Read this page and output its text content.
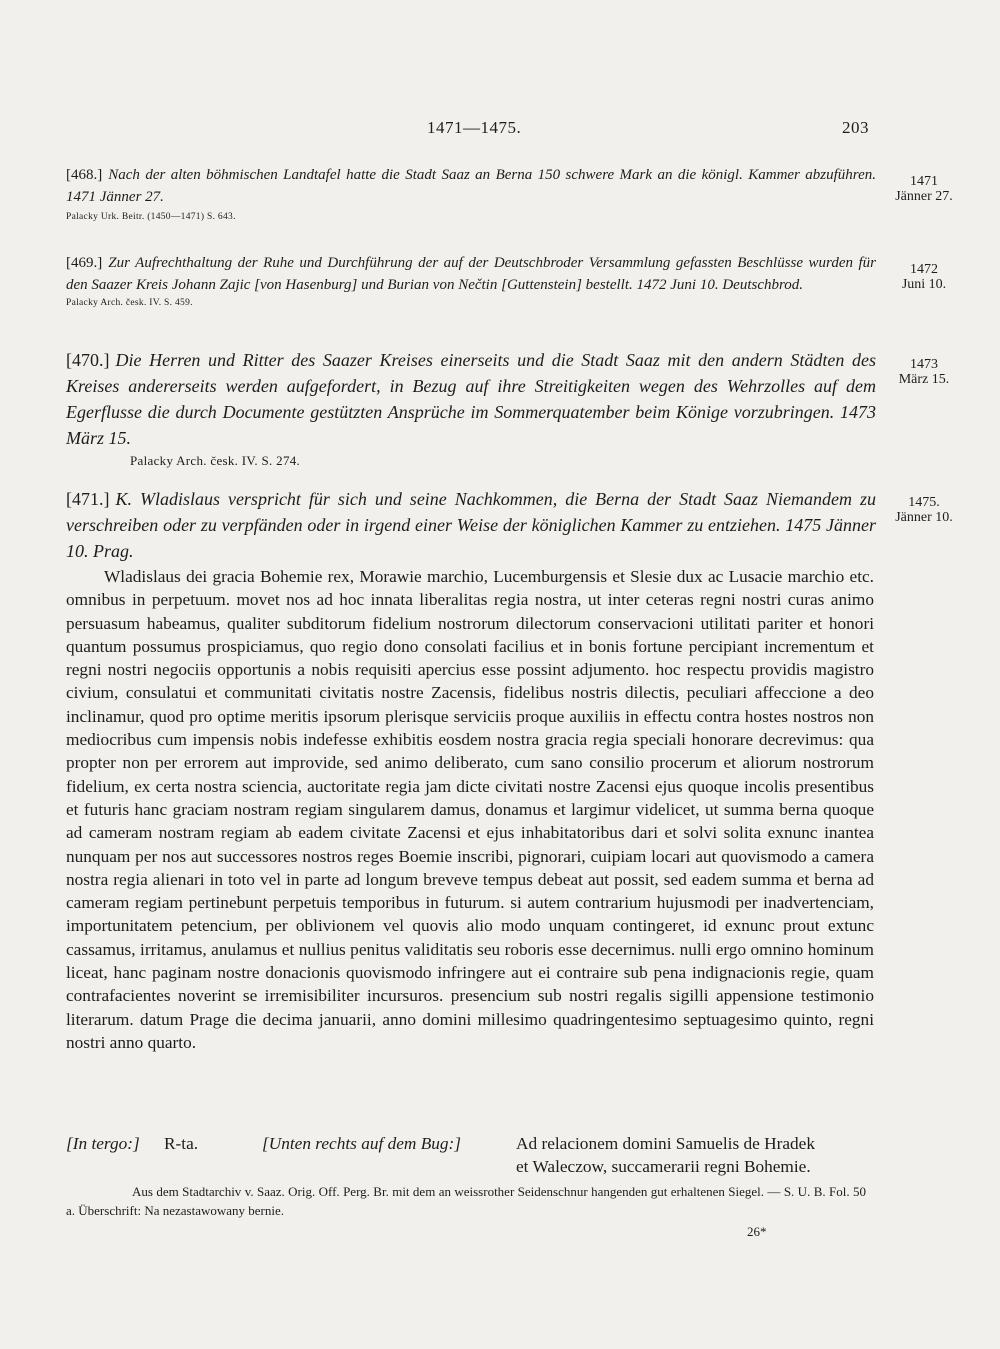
1471—1475.	203

[468.] Nach der alten böhmischen Landtafel hatte die Stadt Saaz an Berna 150 schwere Mark an die königl. Kammer abzuführen. 1471 Jänner 27.

Palacky Urk. Beitr. (1450—1471) S. 643.

1471
Jänner 27.

[469.] Zur Aufrechthaltung der Ruhe und Durchführung der auf der Deutschbroder Versammlung gefassten Beschlüsse wurden für den Saazer Kreis Johann Zajic [von Hasenburg] und Burian von Nečtin [Guttenstein] bestellt. 1472 Juni 10. Deutschbrod.

Palacky Arch. česk. IV. S. 459.

1472
Juni 10.

[470.] Die Herren und Ritter des Saazer Kreises einerseits und die Stadt Saaz mit den andern Städten des Kreises andererseits werden aufgefordert, in Bezug auf ihre Streitigkeiten wegen des Wehrzolles auf dem Egerflusse die durch Documente gestützten Ansprüche im Sommerquatember beim Könige vorzubringen. 1473 März 15.

Palacky Arch. česk. IV. S. 274.

1473
März 15.

[471.] K. Wladislaus verspricht für sich und seine Nachkommen, die Berna der Stadt Saaz Niemandem zu verschreiben oder zu verpfänden oder in irgend einer Weise der königlichen Kammer zu entziehen. 1475 Jänner 10. Prag.

1475.
Jänner 10.

Wladislaus dei gracia Bohemie rex, Morawie marchio, Lucemburgensis et Slesie dux ac Lusacie marchio etc. omnibus in perpetuum. movet nos ad hoc innata liberalitas regia nostra, ut inter ceteras regni nostri curas animo persuasum habeamus, qualiter subditorum fidelium nostrorum dilectorum conservacioni utilitati pariter et honori quantum possumus prospiciamus, quo regio dono consolati facilius et in bonis fortune percipiant incrementum et regni nostri negociis opportunis a nobis requisiti apercius esse possint adjumento. hoc respectu providis magistro civium, consulatui et communitati civitatis nostre Zacensis, fidelibus nostris dilectis, peculiari affeccione a deo inclinamur, quod pro optime meritis ipsorum plerisque serviciis proque auxiliis in effectu contra hostes nostros non mediocribus cum impensis nobis indefesse exhibitis eosdem nostra gracia regia speciali honorare decrevimus: qua propter non per errorem aut improvide, sed animo deliberato, cum sano consilio procerum et aliorum nostrorum fidelium, ex certa nostra sciencia, auctoritate regia jam dicte civitati nostre Zacensi ejus quoque incolis presentibus et futuris hanc graciam nostram regiam singularem damus, donamus et largimur videlicet, ut summa berna quoque ad cameram nostram regiam ab eadem civitate Zacensi et ejus inhabitatoribus dari et solvi solita exnunc inantea nunquam per nos aut successores nostros reges Boemie inscribi, pignorari, cuipiam locari aut quovismodo a camera nostra regia alienari in toto vel in parte ad longum breveve tempus debeat aut possit, sed eadem summa et berna ad cameram regiam pertinebunt perpetuis temporibus in futurum. si autem contrarium hujusmodi per inadvertenciam, importunitatem petencium, per oblivionem vel quovis alio modo unquam contingeret, id exnunc prout extunc cassamus, irritamus, anulamus et nullius penitus validitatis seu roboris esse decernimus. nulli ergo omnino hominum liceat, hanc paginam nostre donacionis quovismodo infringere aut ei contraire sub pena indignacionis regie, quam contrafacientes noverint se irremisibiliter incursuros. presencium sub nostri regalis sigilli appensione testimonio literarum. datum Prage die decima januarii, anno domini millesimo quadringentesimo septuagesimo quinto, regni nostri anno quarto.

[In tergo:] R-ta.	[Unten rechts auf dem Bug:]	Ad relacionem domini Samuelis de Hradek
et Waleczow, succamerarii regni Bohemie.

Aus dem Stadtarchiv v. Saaz. Orig. Off. Perg. Br. mit dem an weissrother Seidenschnur hangenden gut erhaltenen Siegel. — S. U. B. Fol. 50 a. Überschrift: Na nezastawowany bernie.

26*
